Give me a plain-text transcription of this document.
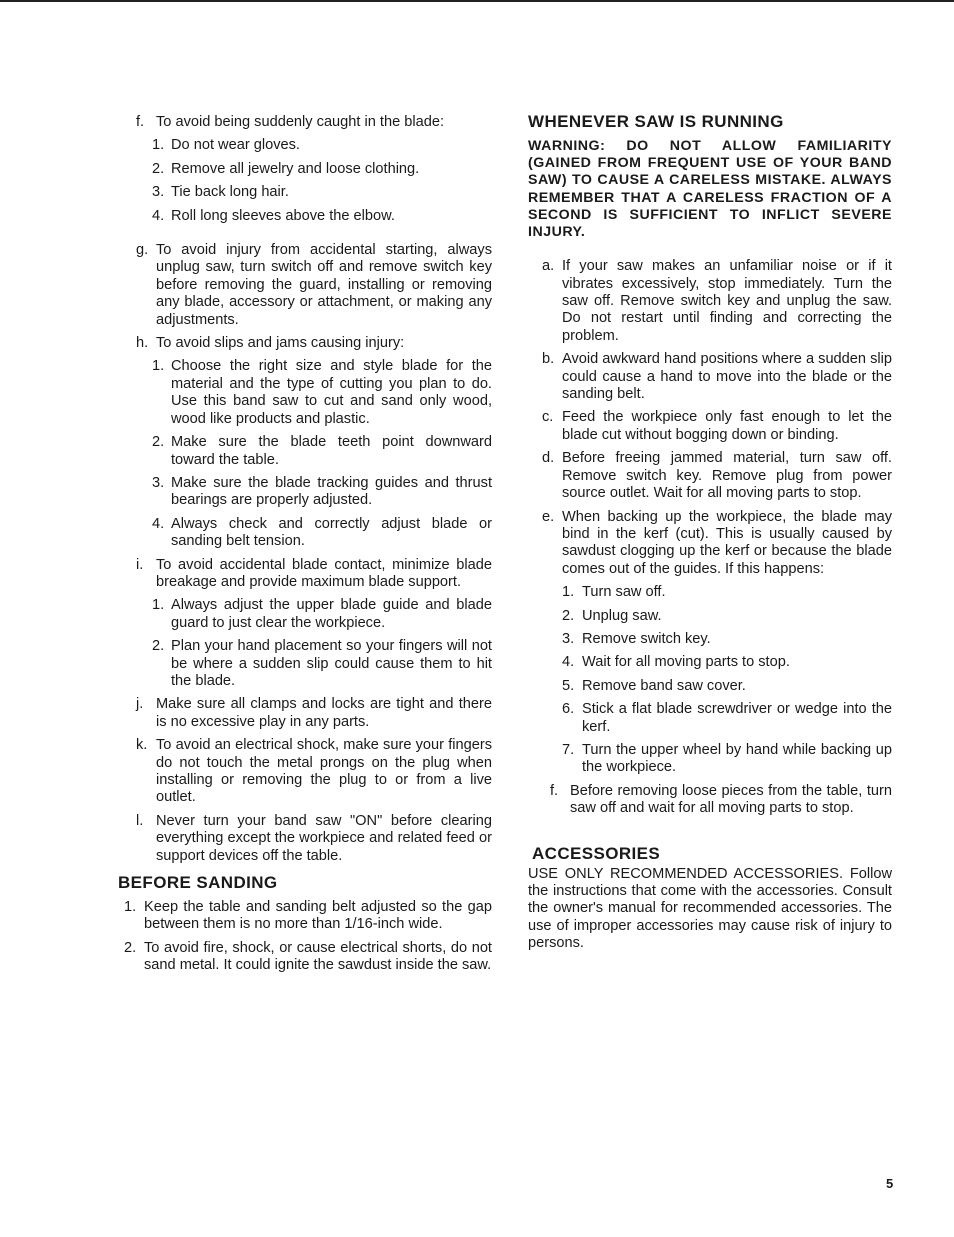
f. To avoid being suddenly caught in the blade:
1. Do not wear gloves.
2. Remove all jewelry and loose clothing.
3. Tie back long hair.
4. Roll long sleeves above the elbow.
g. To avoid injury from accidental starting, always unplug saw, turn switch off and remove switch key before removing the guard, installing or removing any blade, accessory or attachment, or making any adjustments.
h. To avoid slips and jams causing injury:
1. Choose the right size and style blade for the material and the type of cutting you plan to do. Use this band saw to cut and sand only wood, wood like products and plastic.
2. Make sure the blade teeth point downward toward the table.
3. Make sure the blade tracking guides and thrust bearings are properly adjusted.
4. Always check and correctly adjust blade or sanding belt tension.
i. To avoid accidental blade contact, minimize blade breakage and provide maximum blade support.
1. Always adjust the upper blade guide and blade guard to just clear the workpiece.
2. Plan your hand placement so your fingers will not be where a sudden slip could cause them to hit the blade.
j. Make sure all clamps and locks are tight and there is no excessive play in any parts.
k. To avoid an electrical shock, make sure your fingers do not touch the metal prongs on the plug when installing or removing the plug to or from a live outlet.
l. Never turn your band saw "ON" before clearing everything except the workpiece and related feed or support devices off the table.
BEFORE SANDING
1. Keep the table and sanding belt adjusted so the gap between them is no more than 1/16-inch wide.
2. To avoid fire, shock, or cause electrical shorts, do not sand metal. It could ignite the sawdust inside the saw.
WHENEVER SAW IS RUNNING
WARNING: DO NOT ALLOW FAMILIARITY (GAINED FROM FREQUENT USE OF YOUR BAND SAW) TO CAUSE A CARELESS MISTAKE. ALWAYS REMEMBER THAT A CARELESS FRACTION OF A SECOND IS SUFFICIENT TO INFLICT SEVERE INJURY.
a. If your saw makes an unfamiliar noise or if it vibrates excessively, stop immediately. Turn the saw off. Remove switch key and unplug the saw. Do not restart until finding and correcting the problem.
b. Avoid awkward hand positions where a sudden slip could cause a hand to move into the blade or the sanding belt.
c. Feed the workpiece only fast enough to let the blade cut without bogging down or binding.
d. Before freeing jammed material, turn saw off. Remove switch key. Remove plug from power source outlet. Wait for all moving parts to stop.
e. When backing up the workpiece, the blade may bind in the kerf (cut). This is usually caused by sawdust clogging up the kerf or because the blade comes out of the guides. If this happens:
1. Turn saw off.
2. Unplug saw.
3. Remove switch key.
4. Wait for all moving parts to stop.
5. Remove band saw cover.
6. Stick a flat blade screwdriver or wedge into the kerf.
7. Turn the upper wheel by hand while backing up the workpiece.
f. Before removing loose pieces from the table, turn saw off and wait for all moving parts to stop.
ACCESSORIES
USE ONLY RECOMMENDED ACCESSORIES. Follow the instructions that come with the accessories. Consult the owner's manual for recommended accessories. The use of improper accessories may cause risk of injury to persons.
5
